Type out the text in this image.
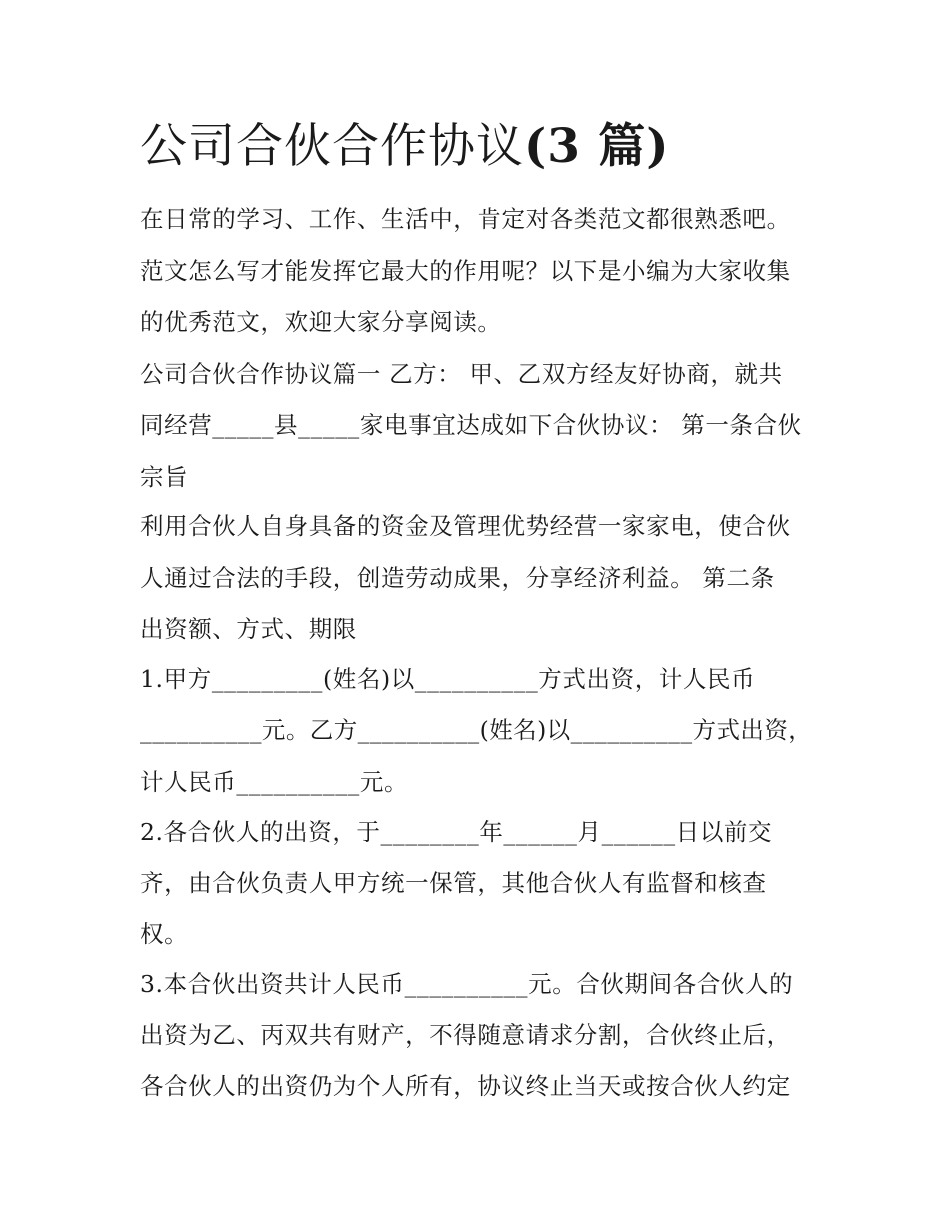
公司合伙合作协议(3 篇)
在日常的学习、工作、生活中，肯定对各类范文都很熟悉吧。
范文怎么写才能发挥它最大的作用呢？以下是小编为大家收集
的优秀范文，欢迎大家分享阅读。
公司合伙合作协议篇一 乙方： 甲、乙双方经友好协商，就共
同经营_____县_____家电事宜达成如下合伙协议： 第一条合伙
宗旨
利用合伙人自身具备的资金及管理优势经营一家家电，使合伙
人通过合法的手段，创造劳动成果，分享经济利益。 第二条
出资额、方式、期限
1.甲方_________(姓名)以__________方式出资，计人民币
__________元。乙方__________(姓名)以__________方式出资，
计人民币__________元。
2.各合伙人的出资，于________年______月______日以前交
齐，由合伙负责人甲方统一保管，其他合伙人有监督和核查
权。
3.本合伙出资共计人民币__________元。合伙期间各合伙人的
出资为乙、丙双共有财产，不得随意请求分割，合伙终止后，
各合伙人的出资仍为个人所有，协议终止当天或按合伙人约定
